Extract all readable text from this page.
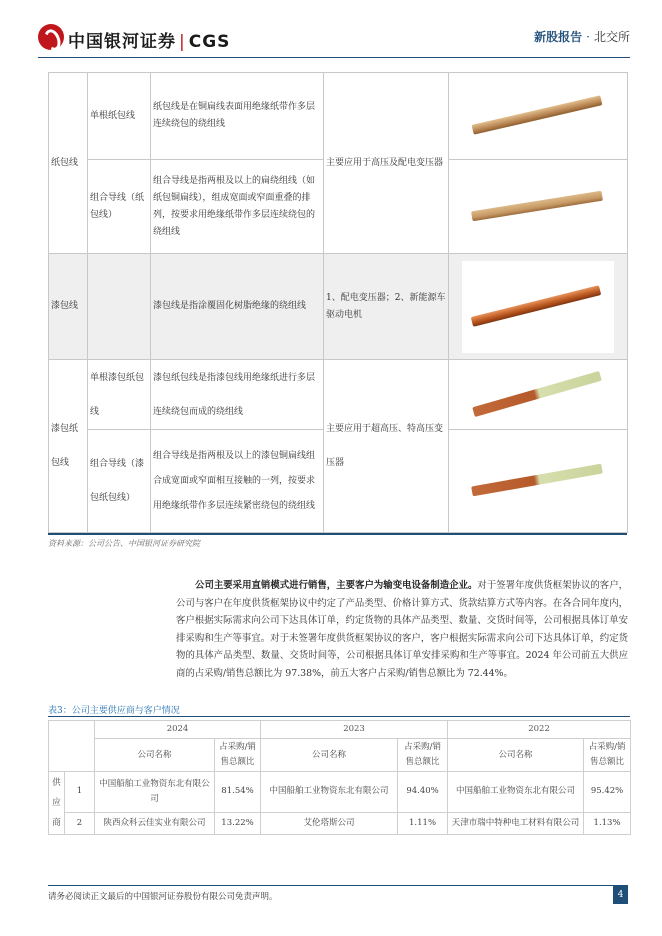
中国银河证券 | CGS	新股报告 · 北交所
纸包线	单根纸包线	纸包线是在铜扁线表面用绝缘纸带作多层连续绕包的绕组线	主要应用于高压及配电变压器	

	组合导线（纸包线）	组合导线是指两根及以上的扁绕组线（如纸包铜扁线），组成宽面或窄面重叠的排列，按要求用绝缘纸带作多层连续绕包的绕组线		

漆包线		漆包线是指涂覆固化树脂绝缘的绕组线	1、配电变压器；2、新能源车驱动电机	

漆包纸包线	单根漆包纸包线	漆包纸包线是指漆包线用绝缘纸进行多层连续绕包而成的绕组线	主要应用于超高压、特高压变压器	

	组合导线（漆包纸包线）	组合导线是指两根及以上的漆包铜扁线组合成宽面或窄面相互接触的一列，按要求用绝缘纸带作多层连续紧密绕包的绕组线		
资料来源：公司公告、中国银河证券研究院
公司主要采用直销模式进行销售，主要客户为输变电设备制造企业。对于签署年度供货框架协议的客户，公司与客户在年度供货框架协议中约定了产品类型、价格计算方式、货款结算方式等内容。在各合同年度内，客户根据实际需求向公司下达具体订单，约定货物的具体产品类型、数量、交货时间等，公司根据具体订单安排采购和生产等事宜。对于未签署年度供货框架协议的客户，客户根据实际需求向公司下达具体订单，约定货物的具体产品类型、数量、交货时间等，公司根据具体订单安排采购和生产等事宜。2024 年公司前五大供应商的占采购/销售总额比为 97.38%，前五大客户占采购/销售总额比为 72.44%。
表3：公司主要供应商与客户情况
		2024		2023		2022	
		公司名称	占采购/销售总额比	公司名称	占采购/销售总额比	公司名称	占采购/销售总额比
供应商	1	中国船舶工业物资东北有限公司	81.54%	中国船舶工业物资东北有限公司	94.40%	中国船舶工业物资东北有限公司	95.42%
	2	陕西众科云佳实业有限公司	13.22%	艾伦塔斯公司	1.11%	天津市瑞中特种电工材料有限公司	1.13%
请务必阅读正文最后的中国银河证券股份有限公司免责声明。	4
